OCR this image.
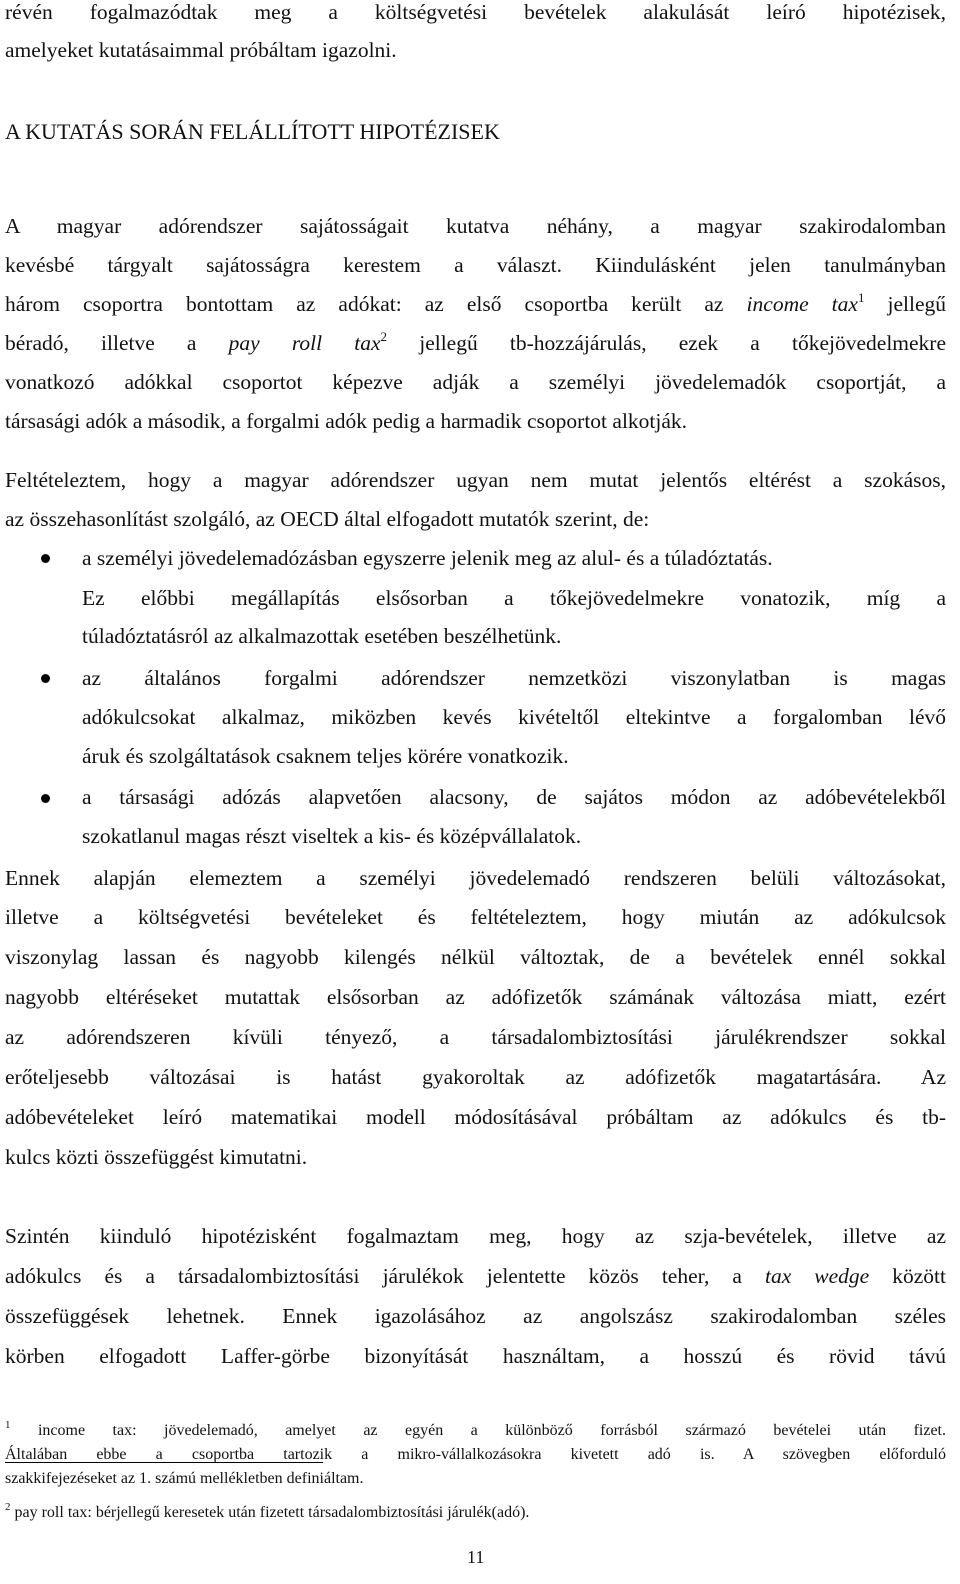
révén fogalmazódtak meg a költségvetési bevételek alakulását leíró hipotézisek,
amelyeket kutatásaimmal próbáltam igazolni.
A KUTATÁS SORÁN FELÁLLÍTOTT HIPOTÉZISEK
A magyar adórendszer sajátosságait kutatva néhány, a magyar szakirodalomban
kevésbé tárgyalt sajátosságra kerestem a választ. Kiindulásként jelen tanulmányban
három csoportra bontottam az adókat: az első csoportba került az income tax$^1$ jellegű
béradó, illetve a pay roll tax$^2$ jellegű tb-hozzájárulás, ezek a tőkejövedelmekre
vonatkozó adókkal csoportot képezve adják a személyi jövedelemadók csoportját, a
társasági adók a második, a forgalmi adók pedig a harmadik csoportot alkotják.
Feltételeztem, hogy a magyar adórendszer ugyan nem mutat jelentős eltérést a szokásos,
az összehasonlítást szolgáló, az OECD által elfogadott mutatók szerint, de:
a személyi jövedelemadózásban egyszerre jelenik meg az alul- és a túladóztatás.
Ez előbbi megállapítás elsősorban a tőkejövedelmekre vonatozik, míg a
túladóztatásról az alkalmazottak esetében beszélhetünk.
az általános forgalmi adórendszer nemzetközi viszonylatban is magas
adókulcsokat alkalmaz, miközben kevés kivételtől eltekintve a forgalomban lévő
áruk és szolgáltatások csaknem teljes körére vonatkozik.
a társasági adózás alapvetően alacsony, de sajátos módon az adóbevételekből
szokatlanul magas részt viseltek a kis- és középvállalatok.
Ennek alapján elemeztem a személyi jövedelemadó rendszeren belüli változásokat,
illetve a költségvetési bevételeket és feltételeztem, hogy miután az adókulcsok
viszonylag lassan és nagyobb kilengés nélkül változtak, de a bevételek ennél sokkal
nagyobb eltéréseket mutattak elsősorban az adófizetők számának változása miatt, ezért
az adórendszeren kívüli tényező, a társadalombiztosítási járulékrendszer sokkal
erőteljesebb változásai is hatást gyakoroltak az adófizetők magatartására. Az
adóbevételeket leíró matematikai modell módosításával próbáltam az adókulcs és tb-
kulcs közti összefüggést kimutatni.
Szintén kiinduló hipotézisként fogalmaztam meg, hogy az szja-bevételek, illetve az
adókulcs és a társadalombiztosítási járulékok jelentette közös teher, a tax wedge között
összefüggések lehetnek. Ennek igazolásához az angolszász szakirodalomban széles
körben elfogadott Laffer-görbe bizonyítását használtam, a hosszú és rövid távú
$^1$ income tax: jövedelemadó, amelyet az egyén a különböző forrásból származó bevételei után fizet.
Általában ebbe a csoportba tartozik a mikro-vállalkozásokra kivetett adó is. A szövegben előforduló
szakkifejezéseket az 1. számú mellékletben definiáltam.
$^2$ pay roll tax: bérjellegű keresetek után fizetett társadalombiztosítási járulék(adó).
11
